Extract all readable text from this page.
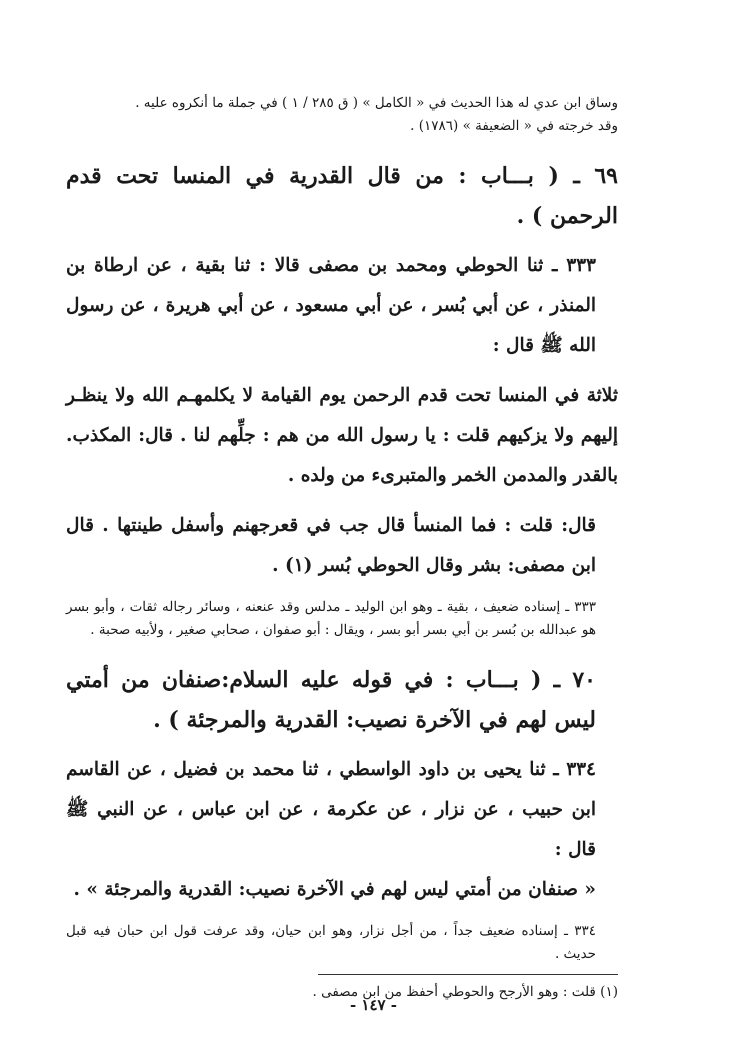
وساق ابن عدي له هذا الحديث في « الكامل » ( ق ٢٨٥ / ١ ) في جملة ما أنكروه عليه .

وقد خرجته في « الضعيفة » (١٧٨٦) .

٦٩ ـ ( بـــاب : من قال القدرية في المنسا تحت قدم الرحمن ) .

٣٣٣ ـ ثنا الحوطي ومحمد بن مصفى قالا : ثنا بقية ، عن ارطاة بن المنذر ، عن أبي بُسر ، عن أبي مسعود ، عن أبي هريرة ، عن رسول الله ﷺ قال :

ثلاثة في المنسا تحت قدم الرحمن يوم القيامة لا يكلمهـم الله ولا ينظـر إليهم ولا يزكيهم قلت : يا رسول الله من هم : جلِّهم لنا . قال: المكذب. بالقدر والمدمن الخمر والمتبرىء من ولده .

قال: قلت : فما المنسأ قال جب في قعرجهنم وأسفل طينتها . قال ابن مصفى: بشر وقال الحوطي بُسر (١) .

٣٣٣ ـ إسناده ضعيف ، بقية ـ وهو ابن الوليد ـ مدلس وقد عنعنه ، وسائر رجاله ثقات ، وأبو بسر هو عبدالله بن بُسر بن أبي بسر أبو بسر ، ويقال : أبو صفوان ، صحابي صغير ، ولأبيه صحبة .

٧٠ ـ ( بـــاب : في قوله عليه السلام:صنفان من أمتي ليس لهم في الآخرة نصيب: القدرية والمرجئة ) .

٣٣٤ ـ ثنا يحيى بن داود الواسطي ، ثنا محمد بن فضيل ، عن القاسم ابن حبيب ، عن نزار ، عن عكرمة ، عن ابن عباس ، عن النبي ﷺ قال :

« صنفان من أمتي ليس لهم في الآخرة نصيب: القدرية والمرجئة » .

٣٣٤ ـ إسناده ضعيف جداً ، من أجل نزار، وهو ابن حيان، وقد عرفت قول ابن حبان فيه قبل حديث .

(١) قلت : وهو الأرجح والحوطي أحفظ من ابن مصفى .

- ١٤٧ -
